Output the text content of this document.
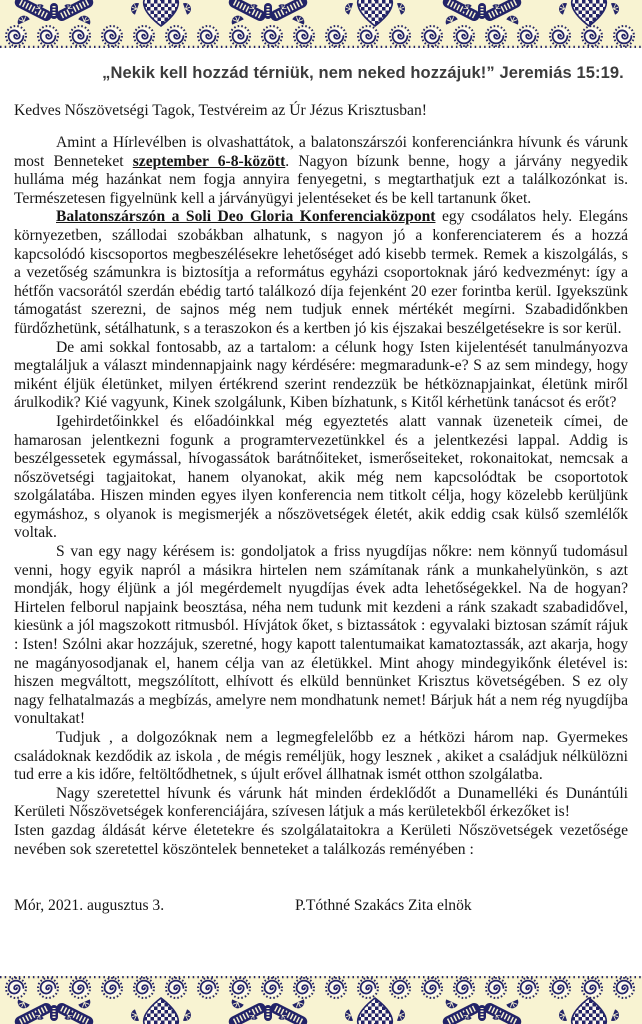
„Nekik kell hozzád térniük, nem neked hozzájuk!” Jeremiás 15:19.
Kedves Nőszövetségi Tagok, Testvéreim az Úr Jézus Krisztusban!

Amint a Hírlevélben is olvashattátok, a balatonszárszói konferenciánkra hívunk és várunk most Benneteket szeptember 6-8-között. Nagyon bízunk benne, hogy a járvány negyedik hulláma még hazánkat nem fogja annyira fenyegetni, s megtarthatjuk ezt a találkozónkat is. Természetesen figyelnünk kell a járványügyi jelentéseket és be kell tartanunk őket.

Balatonszárszón a Soli Deo Gloria Konferenciaközpont egy csodálatos hely. Elegáns környezetben, szállodai szobákban alhatunk, s nagyon jó a konferenciaterem és a hozzá kapcsolódó kiscsoportos megbeszélésekre lehetőséget adó kisebb termek. Remek a kiszolgálás, s a vezetőség számunkra is biztosítja a református egyházi csoportoknak járó kedvezményt: így a hétfőn vacsorától szerdán ebédig tartó találkozó díja fejenként 20 ezer forintba kerül. Igyekszünk támogatást szerezni, de sajnos még nem tudjuk ennek mértékét megírni. Szabadidőnkben fürdőzhetünk, sétálhatunk, s a teraszokon és a kertben jó kis éjszakai beszélgetésekre is sor kerül.

De ami sokkal fontosabb, az a tartalom: a célunk hogy Isten kijelentését tanulmányozva megtaláljuk a választ mindennapjaink nagy kérdésére: megmaradunk-e? S az sem mindegy, hogy miként éljük életünket, milyen értékrend szerint rendezzük be hétköznapjainkat, életünk miről árulkodik? Kié vagyunk, Kinek szolgálunk, Kiben bízhatunk, s Kitől kérhetünk tanácsot és erőt?

Igehirdetőinkkel és előadóinkkal még egyeztetés alatt vannak üzeneteik címei, de hamarosan jelentkezni fogunk a programtervezetünkkel és a jelentkezési lappal. Addig is beszélgessetek egymással, hívogassátok barátnőiteket, ismerőseiteket, rokonaitokat, nemcsak a nőszövetségi tagjaitokat, hanem olyanokat, akik még nem kapcsolódtak be csoportotok szolgálatába. Hiszen minden egyes ilyen konferencia nem titkolt célja, hogy közelebb kerüljünk egymáshoz, s olyanok is megismerjék a nőszövetségek életét, akik eddig csak külső szemlélők voltak.

S van egy nagy kérésem is: gondoljatok a friss nyugdíjas nőkre: nem könnyű tudomásul venni, hogy egyik napról a másikra hirtelen nem számítanak ránk a munkahelyünkön, s azt mondják, hogy éljünk a jól megérdemelt nyugdíjas évek adta lehetőségekkel. Na de hogyan? Hirtelen felborul napjaink beosztása, néha nem tudunk mit kezdeni a ránk szakadt szabadidővel, kiesünk a jól magszokott ritmusból. Hívjátok őket, s biztassátok : egyvalaki biztosan számít rájuk : Isten! Szólni akar hozzájuk, szeretné, hogy kapott talentumaikat kamatoztassák, azt akarja, hogy ne magányosodjanak el, hanem célja van az életükkel. Mint ahogy mindegyikőnk életével is: hiszen megváltott, megszólított, elhívott és elküld bennünket Krisztus követségében. S ez oly nagy felhatalmazás a megbízás, amelyre nem mondhatunk nemet! Bárjuk hát a nem rég nyugdíjba vonultakat!

Tudjuk , a dolgozóknak nem a legmegfelelőbb ez a hétközi három nap. Gyermekes családoknak kezdődik az iskola , de mégis reméljük, hogy lesznek , akiket a családjuk nélkülözni tud erre a kis időre, feltöltődhetnek, s újult erővel állhatnak ismét otthon szolgálatba.

Nagy szeretettel hívunk és várunk hát minden érdeklődőt a Dunamelléki és Dunántúli Kerületi Nőszövetségek konferenciájára, szívesen látjuk a más kerületekből érkezőket is!

Isten gazdag áldását kérve életetekre és szolgálataitokra a Kerületi Nőszövetségek vezetősége nevében sok szeretettel köszöntelek benneteket a találkozás reményében :

Mór, 2021. augusztus 3.	P.Tóthné Szakács Zita elnök
